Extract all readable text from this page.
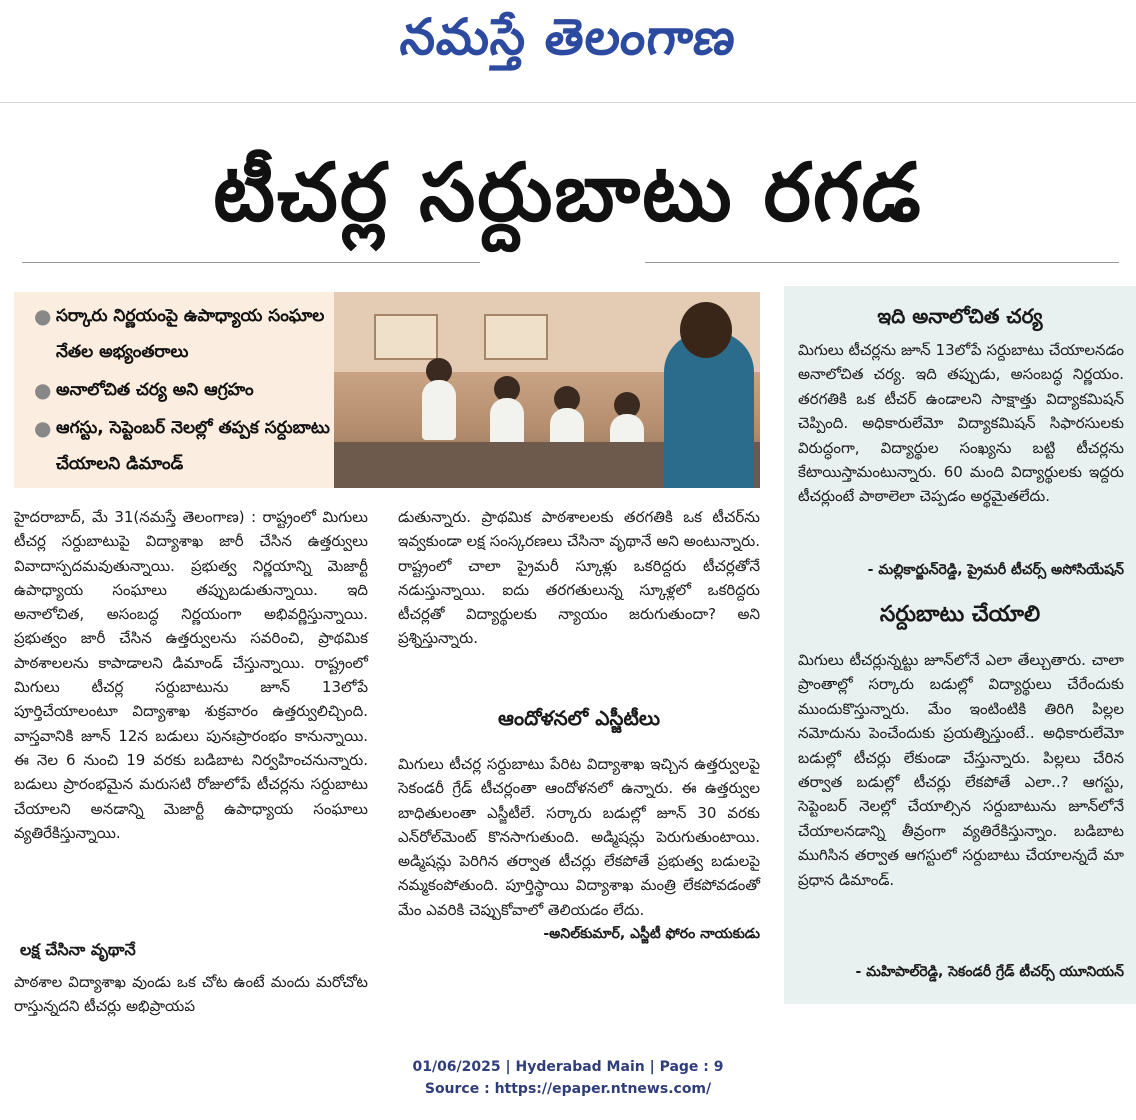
నమస్తే తెలంగాణ
టీచర్ల సర్దుబాటు రగడ
● సర్కారు నిర్ణయంపై ఉపాధ్యాయ సంఘాల నేతల అభ్యంతరాలు
● అనాలోచిత చర్య అని ఆగ్రహం
● ఆగస్టు, సెప్టెంబర్ నెలల్లో తప్పక సర్దుబాటు చేయాలని డిమాండ్

హైదరాబాద్, మే 31(నమస్తే తెలంగాణ) : రాష్ట్రంలో మిగులు టీచర్ల సర్దుబాటుపై విద్యాశాఖ జారీ చేసిన ఉత్తర్వులు వివాదాస్పదమవుతున్నాయి. ప్రభుత్వ నిర్ణయాన్ని మెజార్టీ ఉపాధ్యాయ సంఘాలు తప్పుబడుతున్నాయి. ఇది అనాలోచిత, అసంబద్ధ నిర్ణయంగా అభివర్ణిస్తున్నాయి. ప్రభుత్వం జారీ చేసిన ఉత్తర్వులను సవరించి, ప్రాథమిక పాఠశాలలను కాపాడాలని డిమాండ్ చేస్తున్నాయి. రాష్ట్రంలో మిగులు టీచర్ల సర్దుబాటును జూన్ 13లోపే పూర్తిచేయాలంటూ విద్యాశాఖ శుక్రవారం ఉత్తర్వులిచ్చింది. వాస్తవానికి జూన్ 12న బడులు పునఃప్రారంభం కానున్నాయి. ఈ నెల 6 నుంచి 19 వరకు బడిబాట నిర్వహించనున్నారు. బడులు ప్రారంభమైన మరుసటి రోజులోపే టీచర్లను సర్దుబాటు చేయాలని అనడాన్ని మెజార్టీ ఉపాధ్యాయ సంఘాలు వ్యతిరేకిస్తున్నాయి.

లక్ష చేసినా వృథానే

పాఠశాల విద్యాశాఖ వుండు ఒక చోట ఉంటే మందు మరోచోట రాస్తున్నదని టీచర్లు అభిప్రాయప

డుతున్నారు. ప్రాథమిక పాఠశాలలకు తరగతికి ఒక టీచర్‌ను ఇవ్వకుండా లక్ష సంస్కరణలు చేసినా వృథానే అని అంటున్నారు. రాష్ట్రంలో చాలా ప్రైమరీ స్కూళ్లు ఒకరిద్దరు టీచర్లతోనే నడుస్తున్నాయి. ఐదు తరగతులున్న స్కూళ్లలో ఒకరిద్దరు టీచర్లతో విద్యార్థులకు న్యాయం జరుగుతుందా? అని ప్రశ్నిస్తున్నారు.

ఆందోళనలో ఎస్జీటీలు

మిగులు టీచర్ల సర్దుబాటు పేరిట విద్యాశాఖ ఇచ్చిన ఉత్తర్వులపై సెకండరీ గ్రేడ్ టీచర్లంతా ఆందోళనలో ఉన్నారు. ఈ ఉత్తర్వుల బాధితులంతా ఎస్జీటీలే. సర్కారు బడుల్లో జూన్ 30 వరకు ఎన్‌రోల్‌మెంట్ కొనసాగుతుంది. అడ్మిషన్లు పెరుగుతుంటాయి. అడ్మిషన్లు పెరిగిన తర్వాత టీచర్లు లేకపోతే ప్రభుత్వ బడులపై నమ్మకంపోతుంది. పూర్తిస్థాయి విద్యాశాఖ మంత్రి లేకపోవడంతో మేం ఎవరికి చెప్పుకోవాలో తెలియడం లేదు.

-అనిల్‌కుమార్, ఎస్జీటీ ఫోరం నాయకుడు

ఇది అనాలోచిత చర్య

మిగులు టీచర్లను జూన్ 13లోపే సర్దుబాటు చేయాలనడం అనాలోచిత చర్య. ఇది తప్పుడు, అసంబద్ధ నిర్ణయం. తరగతికి ఒక టీచర్ ఉండాలని సాక్షాత్తు విద్యాకమిషన్ చెప్పింది. అధికారులేమో విద్యాకమిషన్ సిఫారసులకు విరుద్ధంగా, విద్యార్థుల సంఖ్యను బట్టి టీచర్లను కేటాయిస్తామంటున్నారు. 60 మంది విద్యార్థులకు ఇద్దరు టీచర్లుంటే పాఠాలెలా చెప్పడం అర్థమైతలేదు.

- మల్లికార్జున్‌రెడ్డి, ప్రైమరీ టీచర్స్ అసోసియేషన్

సర్దుబాటు చేయాలి

మిగులు టీచర్లున్నట్టు జూన్‌లోనే ఎలా తేల్చుతారు. చాలా ప్రాంతాల్లో సర్కారు బడుల్లో విద్యార్థులు చేరేందుకు ముందుకొస్తున్నారు. మేం ఇంటింటికి తిరిగి పిల్లల నమోదును పెంచేందుకు ప్రయత్నిస్తుంటే.. అధికారులేమో బడుల్లో టీచర్లు లేకుండా చేస్తున్నారు. పిల్లలు చేరిన తర్వాత బడుల్లో టీచర్లు లేకపోతే ఎలా..? ఆగస్టు, సెప్టెంబర్ నెలల్లో చేయాల్సిన సర్దుబాటును జూన్‌లోనే చేయాలనడాన్ని తీవ్రంగా వ్యతిరేకిస్తున్నాం. బడిబాట ముగిసిన తర్వాత ఆగస్టులో సర్దుబాటు చేయాలన్నదే మా ప్రధాన డిమాండ్.

- మహిపాల్‌రెడ్డి, సెకండరీ గ్రేడ్ టీచర్స్ యూనియన్

01/06/2025 | Hyderabad Main | Page : 9
Source : https://epaper.ntnews.com/
